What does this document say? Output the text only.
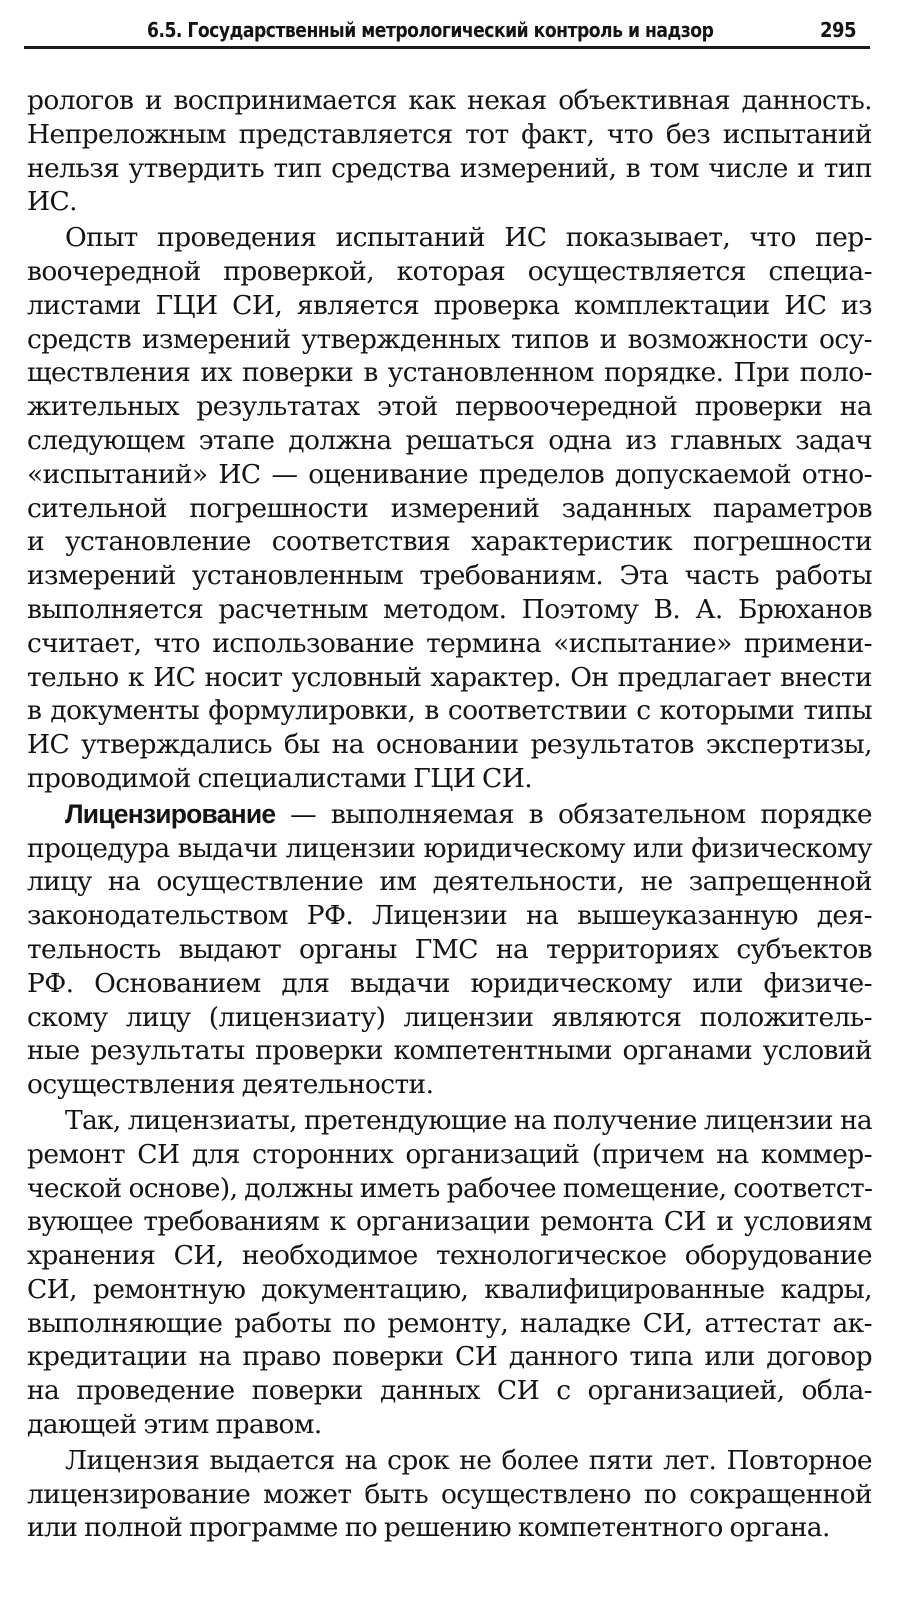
6.5. Государственный метрологический контроль и надзор	295

рологов и воспринимается как некая объективная данность.
Непреложным представляется тот факт, что без испытаний
нельзя утвердить тип средства измерений, в том числе и тип
ИС.

Опыт проведения испытаний ИС показывает, что пер-
воочередной проверкой, которая осуществляется специа-
листами ГЦИ СИ, является проверка комплектации ИС из
средств измерений утвержденных типов и возможности осу-
ществления их поверки в установленном порядке. При поло-
жительных результатах этой первоочередной проверки на
следующем этапе должна решаться одна из главных задач
«испытаний» ИС — оценивание пределов допускаемой отно-
сительной погрешности измерений заданных параметров
и установление соответствия характеристик погрешности
измерений установленным требованиям. Эта часть работы
выполняется расчетным методом. Поэтому В. А. Брюханов
считает, что использование термина «испытание» примени-
тельно к ИС носит условный характер. Он предлагает внести
в документы формулировки, в соответствии с которыми типы
ИС утверждались бы на основании результатов экспертизы,
проводимой специалистами ГЦИ СИ.

Лицензирование — выполняемая в обязательном порядке
процедура выдачи лицензии юридическому или физическому
лицу на осуществление им деятельности, не запрещенной
законодательством РФ. Лицензии на вышеуказанную дея-
тельность выдают органы ГМС на территориях субъектов
РФ. Основанием для выдачи юридическому или физиче-
скому лицу (лицензиату) лицензии являются положитель-
ные результаты проверки компетентными органами условий
осуществления деятельности.

Так, лицензиаты, претендующие на получение лицензии на
ремонт СИ для сторонних организаций (причем на коммер-
ческой основе), должны иметь рабочее помещение, соответст-
вующее требованиям к организации ремонта СИ и условиям
хранения СИ, необходимое технологическое оборудование
СИ, ремонтную документацию, квалифицированные кадры,
выполняющие работы по ремонту, наладке СИ, аттестат ак-
кредитации на право поверки СИ данного типа или договор
на проведение поверки данных СИ с организацией, обла-
дающей этим правом.

Лицензия выдается на срок не более пяти лет. Повторное
лицензирование может быть осуществлено по сокращенной
или полной программе по решению компетентного органа.
